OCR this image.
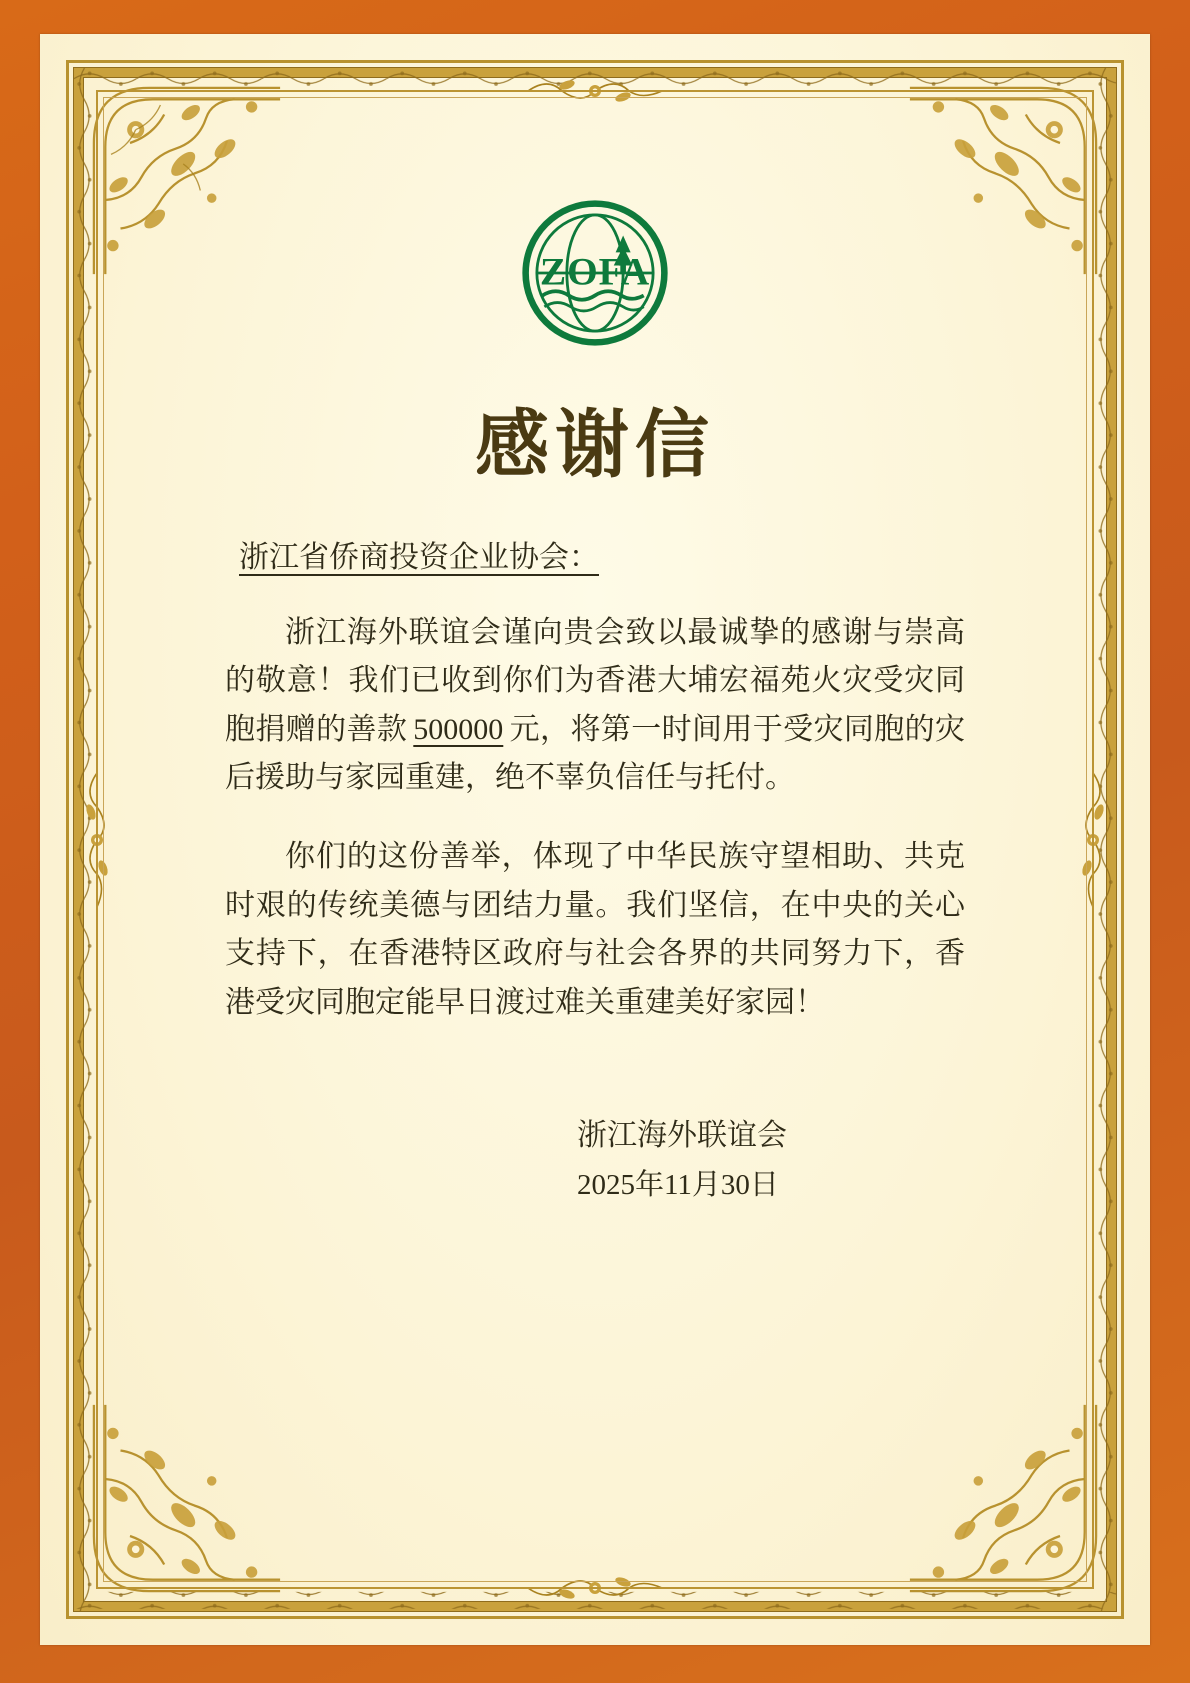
ZOFA
感谢信
浙江省侨商投资企业协会：

浙江海外联谊会谨向贵会致以最诚挚的感谢与崇高的敬意！我们已收到你们为香港大埔宏福苑火灾受灾同胞捐赠的善款 500000 元，将第一时间用于受灾同胞的灾后援助与家园重建，绝不辜负信任与托付。

你们的这份善举，体现了中华民族守望相助、共克时艰的传统美德与团结力量。我们坚信，在中央的关心支持下，在香港特区政府与社会各界的共同努力下，香港受灾同胞定能早日渡过难关重建美好家园！

浙江海外联谊会
2025年11月30日
